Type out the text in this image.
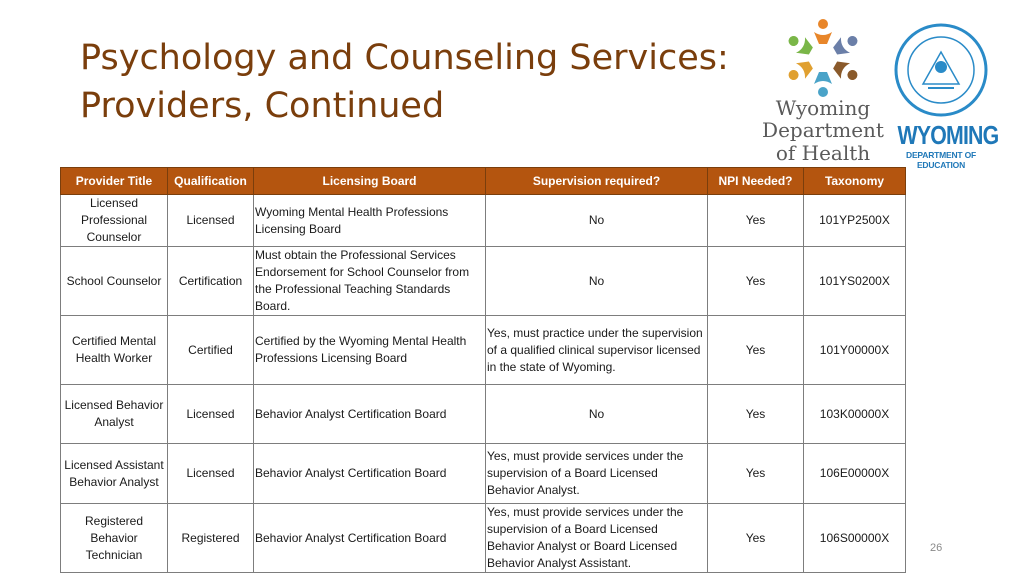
Psychology and Counseling Services:
Providers, Continued	Wyoming
Department
of Health
WYOMING
DEPARTMENT OF EDUCATION
Provider Title	Qualification	Licensing Board	Supervision required?	NPI Needed?	Taxonomy
Licensed Professional Counselor	Licensed	Wyoming Mental Health Professions Licensing Board	No	Yes	101YP2500X
School Counselor	Certification	Must obtain the Professional Services Endorsement for School Counselor from the Professional Teaching Standards Board.	No	Yes	101YS0200X
Certified Mental Health Worker	Certified	Certified by the Wyoming Mental Health Professions Licensing Board	Yes, must practice under the supervision of a qualified clinical supervisor licensed in the state of Wyoming.	Yes	101Y00000X
Licensed Behavior Analyst	Licensed	Behavior Analyst Certification Board	No	Yes	103K00000X
Licensed Assistant Behavior Analyst	Licensed	Behavior Analyst Certification Board	Yes, must provide services under the supervision of a Board Licensed Behavior Analyst.	Yes	106E00000X
Registered Behavior Technician	Registered	Behavior Analyst Certification Board	Yes, must provide services under the supervision of a Board Licensed Behavior Analyst or Board Licensed Behavior Analyst Assistant.	Yes	106S00000X
26
